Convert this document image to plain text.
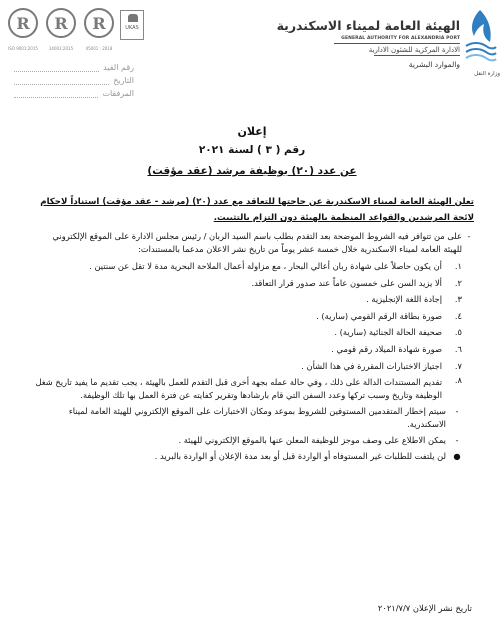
R
ISO 9001:2015
R
14001:2015
R
45001 : 2018
UKAS
رقم القيد
التاريخ
المرفقات
الهيئة العامة لميناء الاسكندرية
GENERAL AUTHORITY FOR ALEXANDRIA PORT
الادارة المركزية للشئون الادارية
والموارد البشرية
وزارة النقل
إعلان
رقم ( ٣ ) لسنة ٢٠٢١
عن عدد (٢٠) بوظيفة مرشد (عقد مؤقت)
تعلن الهيئة العامة لميناء الاسكندرية عن حاجتها للتعاقد مع عدد (٢٠) (مرشد - عقد مؤقت) استناداً لاحكام لائحة المرشدين والقواعد المنظمة بالهيئة دون التزام بالتثبيت.
-
على من تتوافر فيه الشروط الموضحة بعد التقدم بطلب باسم السيد الربان / رئيس مجلس الادارة على الموقع الإلكتروني للهيئة العامة لميناء الاسكندرية خلال خمسة عشر يوماً من تاريخ نشر الاعلان مدعما بالمستندات:
١.
أن يكون حاصلاً على شهادة ربان أعالي البحار ، مع مزاولة أعمال الملاحة البحرية مدة لا تقل عن سنتين .
٢.
ألا يزيد السن على خمسون عاماً عند صدور قرار التعاقد.
٣.
إجادة اللغة الإنجليزية .
٤.
صورة بطاقة الرقم القومي (سارية) .
٥.
صحيفة الحالة الجنائية (سارية) .
٦.
صورة شهادة الميلاد رقم قومي .
٧.
اجتياز الاختبارات المقررة في هذا الشأن .
٨.
تقديم المستندات الدالة على ذلك ، وفي حالة عمله بجهة أخرى قبل التقدم للعمل بالهيئة ، يجب تقديم ما يفيد تاريخ شغل الوظيفة وتاريخ وسبب تركها وعدد السفن التي قام بارشادها وتقرير كفايته عن فترة العمل بها تلك الوظيفة.
-
سيتم إخطار المتقدمين المستوفين للشروط بموعد ومكان الاختبارات على الموقع الإلكتروني للهيئة العامة لميناء الاسكندرية.
-
يمكن الاطلاع على وصف موجز للوظيفة المعلن عنها بالموقع الإلكتروني للهيئة .
●
لن يلتفت للطلبات غير المستوفاه أو الواردة قبل أو بعد مدة الإعلان أو الواردة بالبريد .
تاريخ نشر الإعلان ٢٠٢١/٧/٧
